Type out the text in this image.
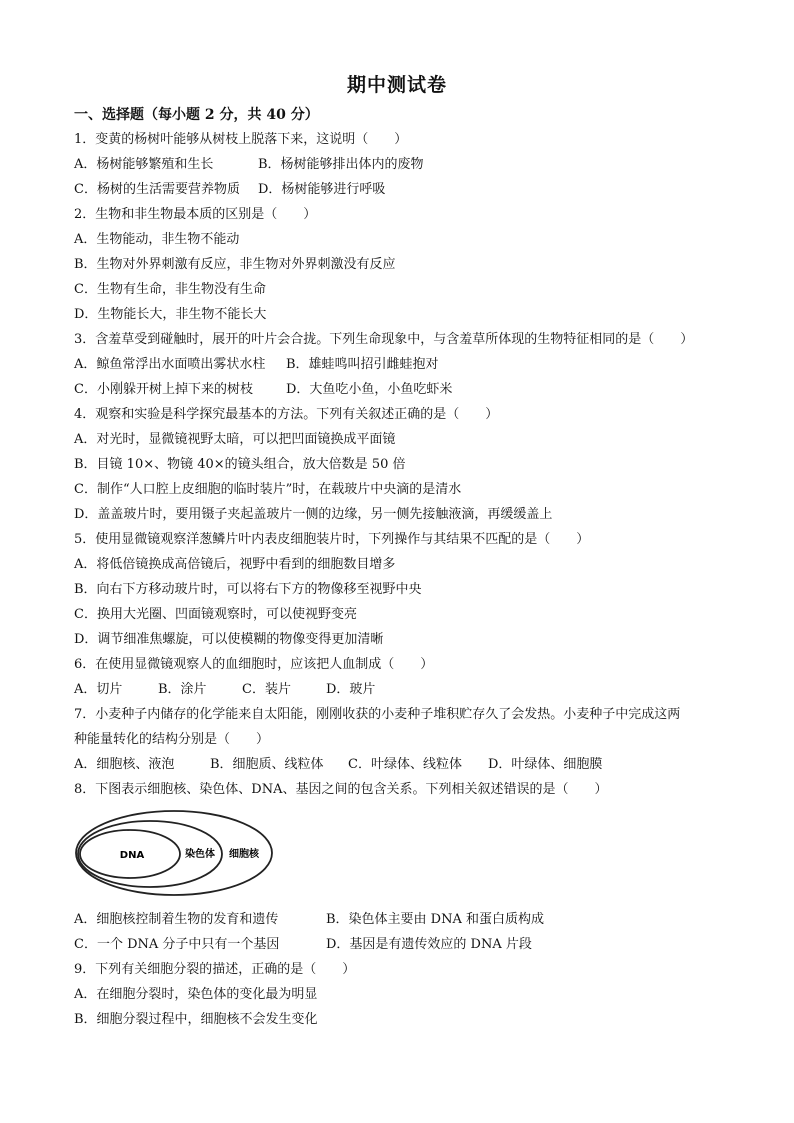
期中测试卷
一、选择题（每小题 2 分，共 40 分）
1．变黄的杨树叶能够从树枝上脱落下来，这说明（　　）
A．杨树能够繁殖和生长	B．杨树能够排出体内的废物
C．杨树的生活需要营养物质 D．杨树能够进行呼吸
2．生物和非生物最本质的区别是（　　）
A．生物能动，非生物不能动
B．生物对外界刺激有反应，非生物对外界刺激没有反应
C．生物有生命，非生物没有生命
D．生物能长大，非生物不能长大
3．含羞草受到碰触时，展开的叶片会合拢。下列生命现象中，与含羞草所体现的生物特征相同的是（　　）
A．鲸鱼常浮出水面喷出雾状水柱 B．雄蛙鸣叫招引雌蛙抱对
C．小刚躲开树上掉下来的树枝	D．大鱼吃小鱼，小鱼吃虾米
4．观察和实验是科学探究最基本的方法。下列有关叙述正确的是（　　）
A．对光时，显微镜视野太暗，可以把凹面镜换成平面镜
B．目镜 10×、物镜 40×的镜头组合，放大倍数是 50 倍
C．制作“人口腔上皮细胞的临时装片”时，在载玻片中央滴的是清水
D．盖盖玻片时，要用镊子夹起盖玻片一侧的边缘，另一侧先接触液滴，再缓缓盖上
5．使用显微镜观察洋葱鳞片叶内表皮细胞装片时，下列操作与其结果不匹配的是（　　）
A．将低倍镜换成高倍镜后，视野中看到的细胞数目增多
B．向右下方移动玻片时，可以将右下方的物像移至视野中央
C．换用大光圈、凹面镜观察时，可以使视野变亮
D．调节细准焦螺旋，可以使模糊的物像变得更加清晰
6．在使用显微镜观察人的血细胞时，应该把人血制成（　　）
A．切片	B．涂片	C．装片	D．玻片
7．小麦种子内储存的化学能来自太阳能，刚刚收获的小麦种子堆积贮存久了会发热。小麦种子中完成这两
种能量转化的结构分别是（　　）
A．细胞核、液泡	B．细胞质、线粒体 C．叶绿体、线粒体 D．叶绿体、细胞膜
8．下图表示细胞核、染色体、DNA、基因之间的包含关系。下列相关叙述错误的是（　　）
DNA	染色体 细胞核
A．细胞核控制着生物的发育和遗传	B．染色体主要由 DNA 和蛋白质构成
C．一个 DNA 分子中只有一个基因	D．基因是有遗传效应的 DNA 片段
9．下列有关细胞分裂的描述，正确的是（　　）
A．在细胞分裂时，染色体的变化最为明显
B．细胞分裂过程中，细胞核不会发生变化
